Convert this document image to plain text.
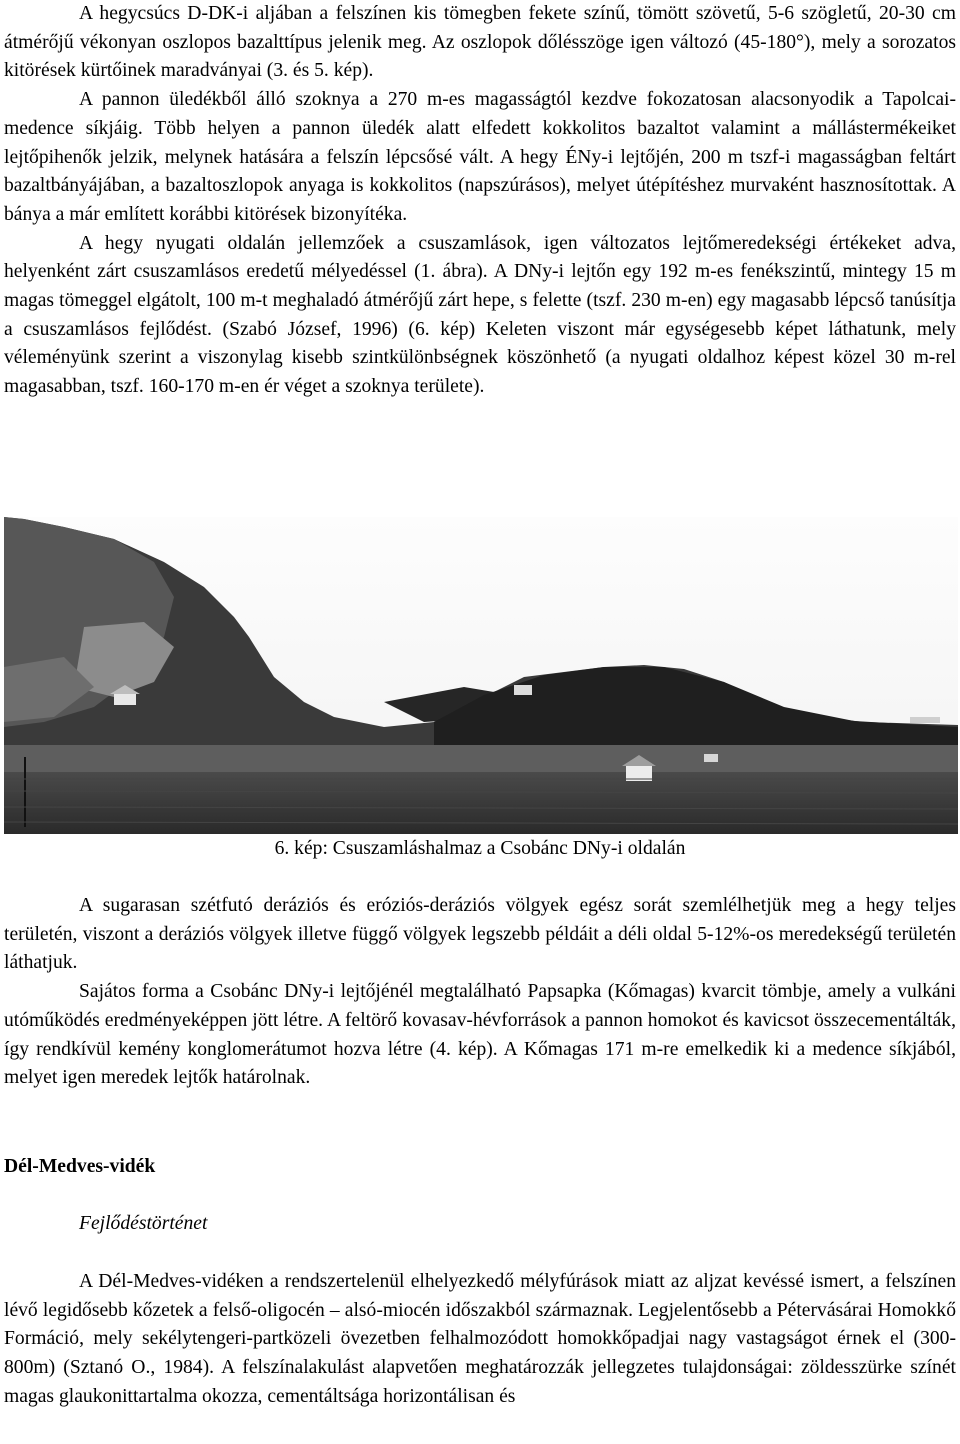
A hegycsúcs D-DK-i aljában a felszínen kis tömegben fekete színű, tömött szövetű, 5-6 szögletű, 20-30 cm átmérőjű vékonyan oszlopos bazalttípus jelenik meg. Az oszlopok dőlésszöge igen változó (45-180°), mely a sorozatos kitörések kürtőinek maradványai (3. és 5. kép).

A pannon üledékből álló szoknya a 270 m-es magasságtól kezdve fokozatosan alacsonyodik a Tapolcai-medence síkjáig. Több helyen a pannon üledék alatt elfedett kokkolitos bazaltot valamint a mállástermékeiket lejtőpihenők jelzik, melynek hatására a felszín lépcsősé vált. A hegy ÉNy-i lejtőjén, 200 m tszf-i magasságban feltárt bazaltbányájában, a bazaltoszlopok anyaga is kokkolitos (napszúrásos), melyet útépítéshez murvaként hasznosítottak. A bánya a már említett korábbi kitörések bizonyítéka.

A hegy nyugati oldalán jellemzőek a csuszamlások, igen változatos lejtőmeredekségi értékeket adva, helyenként zárt csuszamlásos eredetű mélyedéssel (1. ábra). A DNy-i lejtőn egy 192 m-es fenékszintű, mintegy 15 m magas tömeggel elgátolt, 100 m-t meghaladó átmérőjű zárt hepe, s felette (tszf. 230 m-en) egy magasabb lépcső tanúsítja a csuszamlásos fejlődést. (Szabó József, 1996) (6. kép) Keleten viszont már egységesebb képet láthatunk, mely véleményünk szerint a viszonylag kisebb szintkülönbségnek köszönhető (a nyugati oldalhoz képest közel 30 m-rel magasabban, tszf. 160-170 m-en ér véget a szoknya területe).

6. kép: Csuszamláshalmaz a Csobánc DNy-i oldalán

A sugarasan szétfutó deráziós és eróziós-deráziós völgyek egész sorát szemlélhetjük meg a hegy teljes területén, viszont a deráziós völgyek illetve függő völgyek legszebb példáit a déli oldal 5-12%-os meredekségű területén láthatjuk.

Sajátos forma a Csobánc DNy-i lejtőjénél megtalálható Papsapka (Kőmagas) kvarcit tömbje, amely a vulkáni utóműködés eredményeképpen jött létre. A feltörő kovasav-hévforrások a pannon homokot és kavicsot összecementálták, így rendkívül kemény konglomerátumot hozva létre (4. kép). A Kőmagas 171 m-re emelkedik ki a medence síkjából, melyet igen meredek lejtők határolnak.

Dél-Medves-vidék
Fejlődéstörténet

A Dél-Medves-vidéken a rendszertelenül elhelyezkedő mélyfúrások miatt az aljzat kevéssé ismert, a felszínen lévő legidősebb kőzetek a felső-oligocén – alsó-miocén időszakból származnak. Legjelentősebb a Pétervásárai Homokkő Formáció, mely sekélytengeri-partközeli övezetben felhalmozódott homokkőpadjai nagy vastagságot érnek el (300-800m) (Sztanó O., 1984). A felszínalakulást alapvetően meghatározzák jellegzetes tulajdonságai: zöldesszürke színét magas glaukonittartalma okozza, cementáltsága horizontálisan és
